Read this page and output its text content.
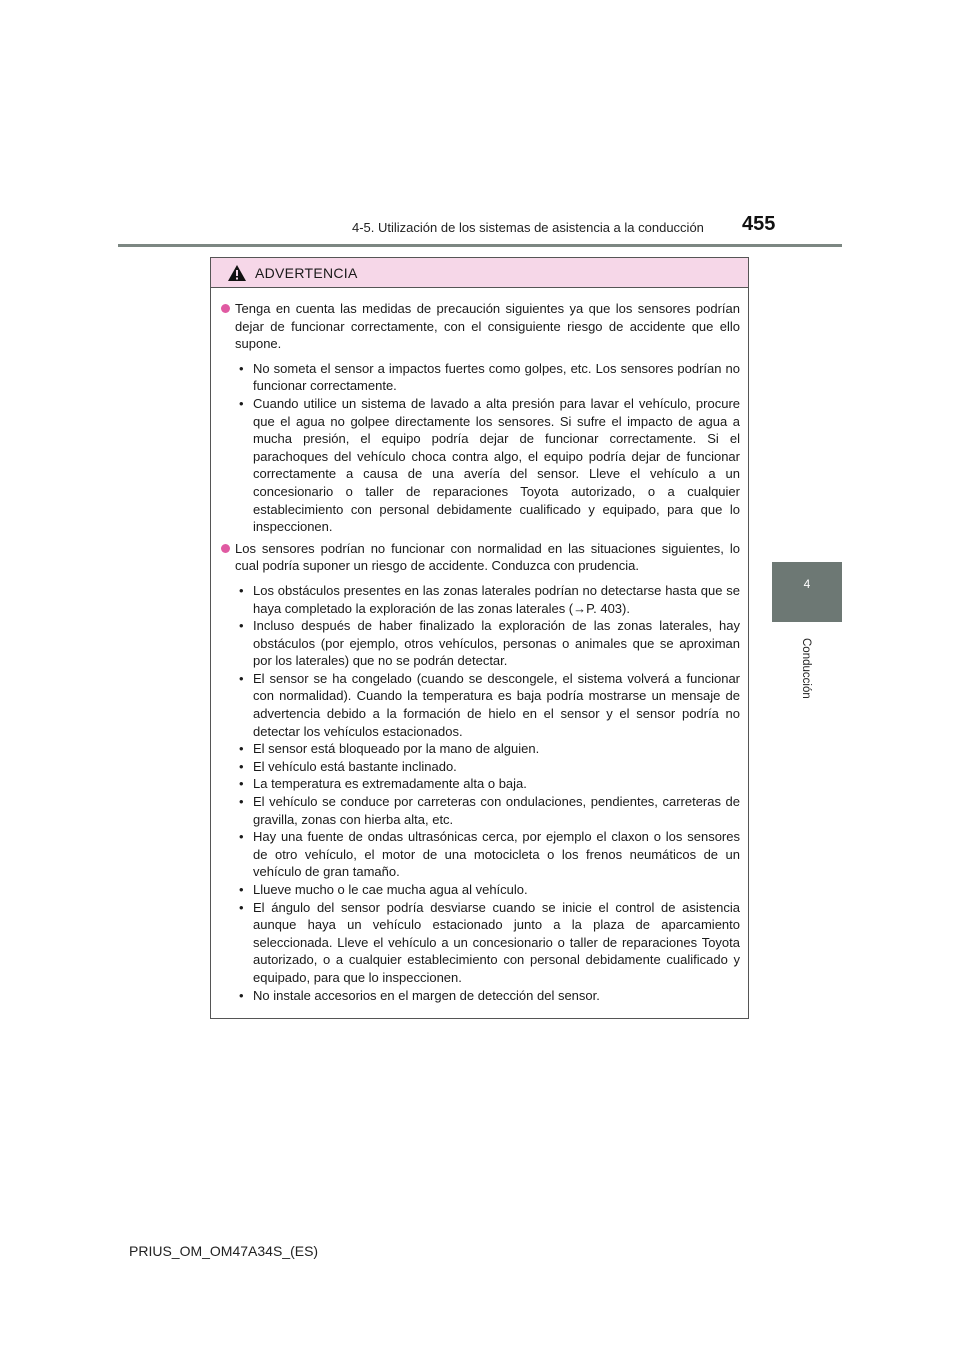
4-5. Utilización de los sistemas de asistencia a la conducción 455
4
Conducción
ADVERTENCIA
Tenga en cuenta las medidas de precaución siguientes ya que los sensores podrían dejar de funcionar correctamente, con el consiguiente riesgo de accidente que ello supone.
• No someta el sensor a impactos fuertes como golpes, etc. Los sensores podrían no funcionar correctamente.
• Cuando utilice un sistema de lavado a alta presión para lavar el vehículo, procure que el agua no golpee directamente los sensores. Si sufre el impacto de agua a mucha presión, el equipo podría dejar de funcionar correctamente. Si el parachoques del vehículo choca contra algo, el equipo podría dejar de funcionar correctamente a causa de una avería del sensor. Lleve el vehículo a un concesionario o taller de reparaciones Toyota autorizado, o a cualquier establecimiento con personal debidamente cualificado y equipado, para que lo inspeccionen.
Los sensores podrían no funcionar con normalidad en las situaciones siguientes, lo cual podría suponer un riesgo de accidente. Conduzca con prudencia.
• Los obstáculos presentes en las zonas laterales podrían no detectarse hasta que se haya completado la exploración de las zonas laterales (→P. 403).
• Incluso después de haber finalizado la exploración de las zonas laterales, hay obstáculos (por ejemplo, otros vehículos, personas o animales que se aproximan por los laterales) que no se podrán detectar.
• El sensor se ha congelado (cuando se descongele, el sistema volverá a funcionar con normalidad). Cuando la temperatura es baja podría mostrarse un mensaje de advertencia debido a la formación de hielo en el sensor y el sensor podría no detectar los vehículos estacionados.
• El sensor está bloqueado por la mano de alguien.
• El vehículo está bastante inclinado.
• La temperatura es extremadamente alta o baja.
• El vehículo se conduce por carreteras con ondulaciones, pendientes, carreteras de gravilla, zonas con hierba alta, etc.
• Hay una fuente de ondas ultrasónicas cerca, por ejemplo el claxon o los sensores de otro vehículo, el motor de una motocicleta o los frenos neumáticos de un vehículo de gran tamaño.
• Llueve mucho o le cae mucha agua al vehículo.
• El ángulo del sensor podría desviarse cuando se inicie el control de asistencia aunque haya un vehículo estacionado junto a la plaza de aparcamiento seleccionada. Lleve el vehículo a un concesionario o taller de reparaciones Toyota autorizado, o a cualquier establecimiento con personal debidamente cualificado y equipado, para que lo inspeccionen.
• No instale accesorios en el margen de detección del sensor.
PRIUS_OM_OM47A34S_(ES)
